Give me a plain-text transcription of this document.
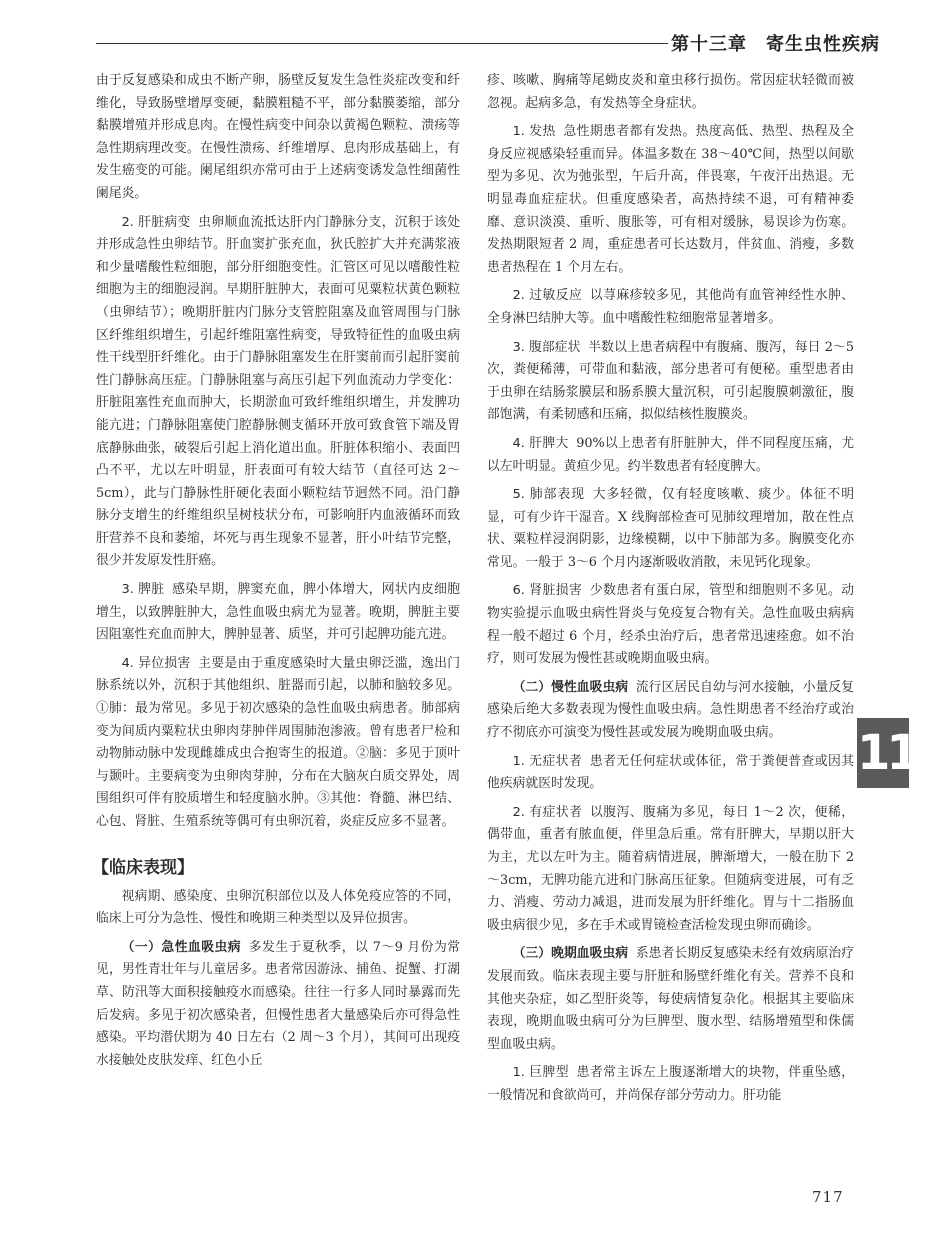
第十三章　寄生虫性疾病

由于反复感染和成虫不断产卵，肠壁反复发生急性炎症改变和纤维化，导致肠壁增厚变硬，黏膜粗糙不平，部分黏膜萎缩，部分黏膜增殖并形成息肉。在慢性病变中间杂以黄褐色颗粒、溃疡等急性期病理改变。在慢性溃疡、纤维增厚、息肉形成基础上，有发生癌变的可能。阑尾组织亦常可由于上述病变诱发急性细菌性阑尾炎。

2. 肝脏病变 虫卵顺血流抵达肝内门静脉分支，沉积于该处并形成急性虫卵结节。肝血窦扩张充血，狄氏腔扩大并充满浆液和少量嗜酸性粒细胞，部分肝细胞变性。汇管区可见以嗜酸性粒细胞为主的细胞浸润。早期肝脏肿大，表面可见粟粒状黄色颗粒（虫卵结节）；晚期肝脏内门脉分支管腔阻塞及血管周围与门脉区纤维组织增生，引起纤维阻塞性病变，导致特征性的血吸虫病性干线型肝纤维化。由于门静脉阻塞发生在肝窦前而引起肝窦前性门静脉高压症。门静脉阻塞与高压引起下列血流动力学变化：肝脏阻塞性充血而肿大，长期淤血可致纤维组织增生，并发脾功能亢进；门静脉阻塞使门腔静脉侧支循环开放可致食管下端及胃底静脉曲张，破裂后引起上消化道出血。肝脏体积缩小、表面凹凸不平，尤以左叶明显，肝表面可有较大结节（直径可达 2～5cm），此与门静脉性肝硬化表面小颗粒结节迥然不同。沿门静脉分支增生的纤维组织呈树枝状分布，可影响肝内血液循环而致肝营养不良和萎缩，坏死与再生现象不显著，肝小叶结节完整，很少并发原发性肝癌。

3. 脾脏 感染早期，脾窦充血，脾小体增大，网状内皮细胞增生，以致脾脏肿大，急性血吸虫病尤为显著。晚期，脾脏主要因阻塞性充血而肿大，脾肿显著、质坚，并可引起脾功能亢进。

4. 异位损害 主要是由于重度感染时大量虫卵泛滥，逸出门脉系统以外，沉积于其他组织、脏器而引起，以肺和脑较多见。①肺：最为常见。多见于初次感染的急性血吸虫病患者。肺部病变为间质内粟粒状虫卵肉芽肿伴周围肺泡渗液。曾有患者尸检和动物肺动脉中发现雌雄成虫合抱寄生的报道。②脑：多见于顶叶与颞叶。主要病变为虫卵肉芽肿，分布在大脑灰白质交界处，周围组织可伴有胶质增生和轻度脑水肿。③其他：脊髓、淋巴结、心包、肾脏、生殖系统等偶可有虫卵沉着，炎症反应多不显著。

【临床表现】

视病期、感染度、虫卵沉积部位以及人体免疫应答的不同，临床上可分为急性、慢性和晚期三种类型以及异位损害。

（一）急性血吸虫病 多发生于夏秋季，以 7～9 月份为常见，男性青壮年与儿童居多。患者常因游泳、捕鱼、捉蟹、打湖草、防汛等大面积接触疫水而感染。往往一行多人同时暴露而先后发病。多见于初次感染者，但慢性患者大量感染后亦可得急性感染。平均潜伏期为 40 日左右（2 周～3 个月），其间可出现疫水接触处皮肤发痒、红色小丘

疹、咳嗽、胸痛等尾蚴皮炎和童虫移行损伤。常因症状轻微而被忽视。起病多急，有发热等全身症状。

1. 发热 急性期患者都有发热。热度高低、热型、热程及全身反应视感染轻重而异。体温多数在 38～40℃间，热型以间歇型为多见、次为弛张型，午后升高，伴畏寒，午夜汗出热退。无明显毒血症症状。但重度感染者，高热持续不退，可有精神委靡、意识淡漠、重听、腹胀等，可有相对缓脉，易误诊为伤寒。发热期限短者 2 周，重症患者可长达数月，伴贫血、消瘦，多数患者热程在 1 个月左右。

2. 过敏反应 以荨麻疹较多见，其他尚有血管神经性水肿、全身淋巴结肿大等。血中嗜酸性粒细胞常显著增多。

3. 腹部症状 半数以上患者病程中有腹痛、腹泻，每日 2～5 次，粪便稀薄，可带血和黏液，部分患者可有便秘。重型患者由于虫卵在结肠浆膜层和肠系膜大量沉积，可引起腹膜刺激征，腹部饱满，有柔韧感和压痛，拟似结核性腹膜炎。

4. 肝脾大 90%以上患者有肝脏肿大，伴不同程度压痛，尤以左叶明显。黄疸少见。约半数患者有轻度脾大。

5. 肺部表现 大多轻微，仅有轻度咳嗽、痰少。体征不明显，可有少许干湿音。X 线胸部检查可见肺纹理增加，散在性点状、粟粒样浸润阴影，边缘模糊，以中下肺部为多。胸膜变化亦常见。一般于 3～6 个月内逐渐吸收消散，未见钙化现象。

6. 肾脏损害 少数患者有蛋白尿，管型和细胞则不多见。动物实验提示血吸虫病性肾炎与免疫复合物有关。急性血吸虫病病程一般不超过 6 个月，经杀虫治疗后，患者常迅速痊愈。如不治疗，则可发展为慢性甚或晚期血吸虫病。

（二）慢性血吸虫病 流行区居民自幼与河水接触，小量反复感染后绝大多数表现为慢性血吸虫病。急性期患者不经治疗或治疗不彻底亦可演变为慢性甚或发展为晚期血吸虫病。

1. 无症状者 患者无任何症状或体征，常于粪便普查或因其他疾病就医时发现。

2. 有症状者 以腹泻、腹痛为多见，每日 1～2 次，便稀，偶带血，重者有脓血便，伴里急后重。常有肝脾大，早期以肝大为主，尤以左叶为主。随着病情进展，脾渐增大，一般在肋下 2～3cm，无脾功能亢进和门脉高压征象。但随病变进展，可有乏力、消瘦、劳动力减退，进而发展为肝纤维化。胃与十二指肠血吸虫病很少见，多在手术或胃镜检查活检发现虫卵而确诊。

（三）晚期血吸虫病 系患者长期反复感染未经有效病原治疗发展而致。临床表现主要与肝脏和肠壁纤维化有关。营养不良和其他夹杂症，如乙型肝炎等，每使病情复杂化。根据其主要临床表现，晚期血吸虫病可分为巨脾型、腹水型、结肠增殖型和侏儒型血吸虫病。

1. 巨脾型 患者常主诉左上腹逐渐增大的块物，伴重坠感，一般情况和食欲尚可，并尚保存部分劳动力。肝功能

11
717
